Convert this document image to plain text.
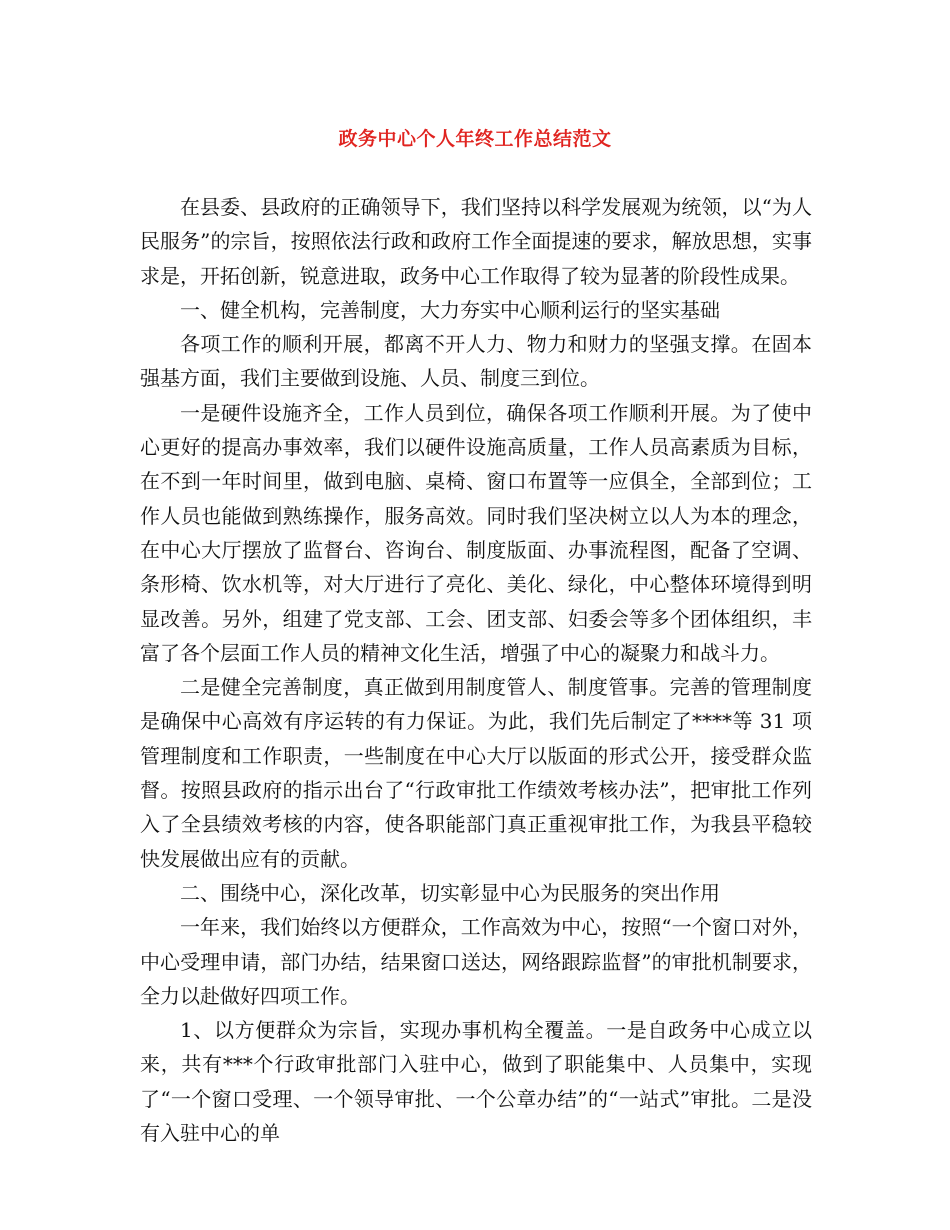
政务中心个人年终工作总结范文

在县委、县政府的正确领导下，我们坚持以科学发展观为统领，以“为人民服务”的宗旨，按照依法行政和政府工作全面提速的要求，解放思想，实事求是，开拓创新，锐意进取，政务中心工作取得了较为显著的阶段性成果。

一、健全机构，完善制度，大力夯实中心顺利运行的坚实基础

各项工作的顺利开展，都离不开人力、物力和财力的坚强支撑。在固本强基方面，我们主要做到设施、人员、制度三到位。

一是硬件设施齐全，工作人员到位，确保各项工作顺利开展。为了使中心更好的提高办事效率，我们以硬件设施高质量，工作人员高素质为目标，在不到一年时间里，做到电脑、桌椅、窗口布置等一应俱全，全部到位；工作人员也能做到熟练操作，服务高效。同时我们坚决树立以人为本的理念，在中心大厅摆放了监督台、咨询台、制度版面、办事流程图，配备了空调、条形椅、饮水机等，对大厅进行了亮化、美化、绿化，中心整体环境得到明显改善。另外，组建了党支部、工会、团支部、妇委会等多个团体组织，丰富了各个层面工作人员的精神文化生活，增强了中心的凝聚力和战斗力。

二是健全完善制度，真正做到用制度管人、制度管事。完善的管理制度是确保中心高效有序运转的有力保证。为此，我们先后制定了****等 31 项管理制度和工作职责，一些制度在中心大厅以版面的形式公开，接受群众监督。按照县政府的指示出台了“行政审批工作绩效考核办法”，把审批工作列入了全县绩效考核的内容，使各职能部门真正重视审批工作，为我县平稳较快发展做出应有的贡献。

二、围绕中心，深化改革，切实彰显中心为民服务的突出作用

一年来，我们始终以方便群众，工作高效为中心，按照“一个窗口对外，中心受理申请，部门办结，结果窗口送达，网络跟踪监督”的审批机制要求，全力以赴做好四项工作。

1、以方便群众为宗旨，实现办事机构全覆盖。一是自政务中心成立以来，共有***个行政审批部门入驻中心，做到了职能集中、人员集中，实现了“一个窗口受理、一个领导审批、一个公章办结”的“一站式”审批。二是没有入驻中心的单
